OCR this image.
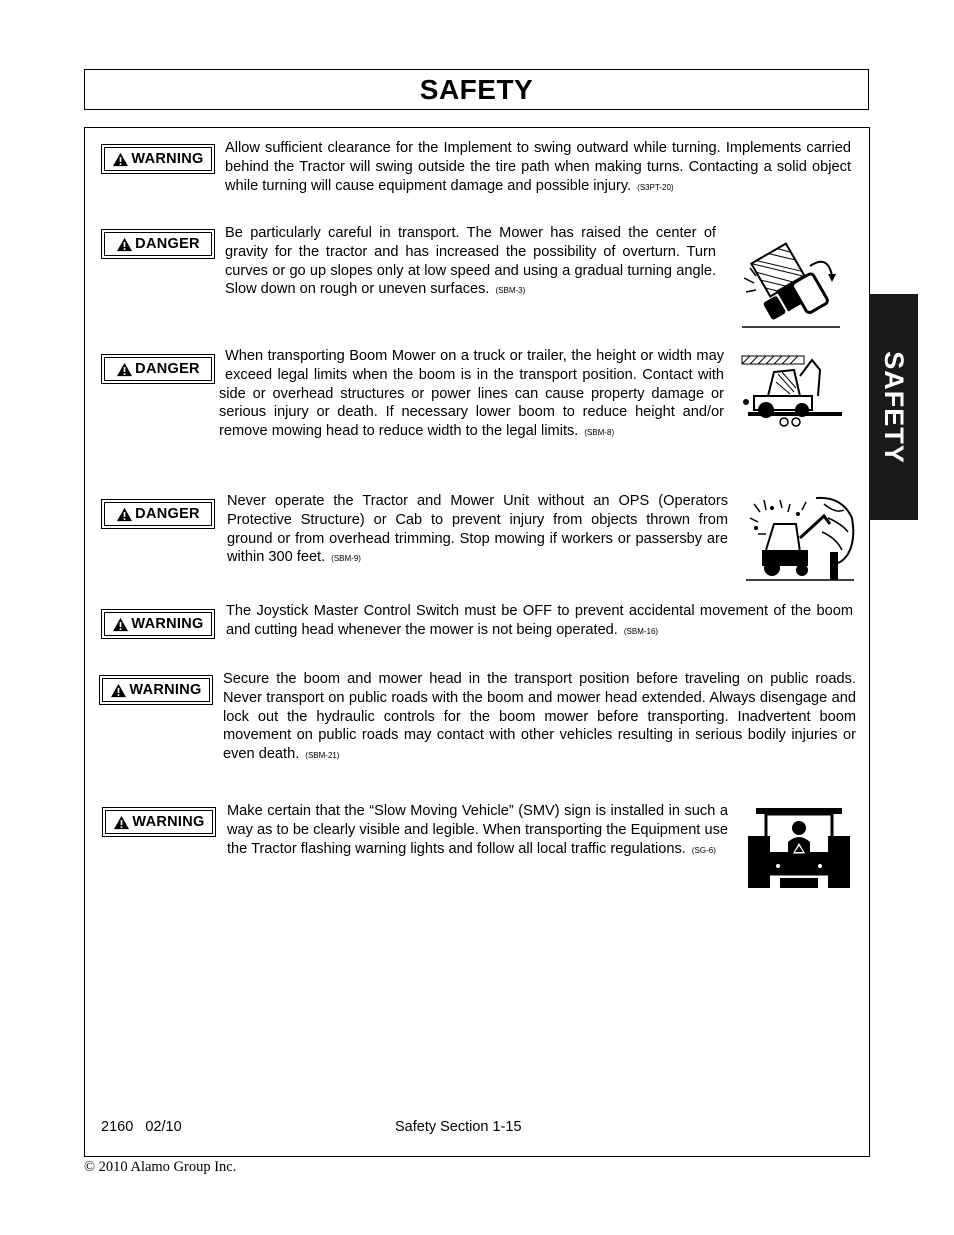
SAFETY
SAFETY
WARNING

Allow sufficient clearance for the Implement to swing outward while turning. Implements carried behind the Tractor will swing outside the tire path when making turns. Contacting a solid object while turning will cause equipment damage and possible injury. (S3PT-20)

DANGER

Be particularly careful in transport. The Mower has raised the center of gravity for the tractor and has increased the possibility of overturn. Turn curves or go up slopes only at low speed and using a gradual turning angle. Slow down on rough or uneven surfaces. (SBM-3)

DANGER

When transporting Boom Mower on a truck or trailer, the height or width may exceed legal limits when the boom is in the transport position. Contact with side or overhead structures or power lines can cause property damage or serious injury or death. If necessary lower boom to reduce height and/or remove mowing head to reduce width to the legal limits. (SBM-8)

DANGER

Never operate the Tractor and Mower Unit without an OPS (Operators Protective Structure) or Cab to prevent injury from objects thrown from ground or from overhead trimming. Stop mowing if workers or passersby are within 300 feet. (SBM-9)

WARNING

The Joystick Master Control Switch must be OFF to prevent accidental movement of the boom and cutting head whenever the mower is not being operated. (SBM-16)

WARNING

Secure the boom and mower head in the transport position before traveling on public roads. Never transport on public roads with the boom and mower head extended. Always disengage and lock out the hydraulic controls for the boom mower before transporting. Inadvertent boom movement on public roads may contact with other vehicles resulting in serious bodily injuries or even death. (SBM-21)

WARNING

Make certain that the “Slow Moving Vehicle” (SMV) sign is installed in such a way as to be clearly visible and legible. When transporting the Equipment use the Tractor flashing warning lights and follow all local traffic regulations. (SG-6)

2160   02/10	Safety Section 1-15
© 2010 Alamo Group Inc.
